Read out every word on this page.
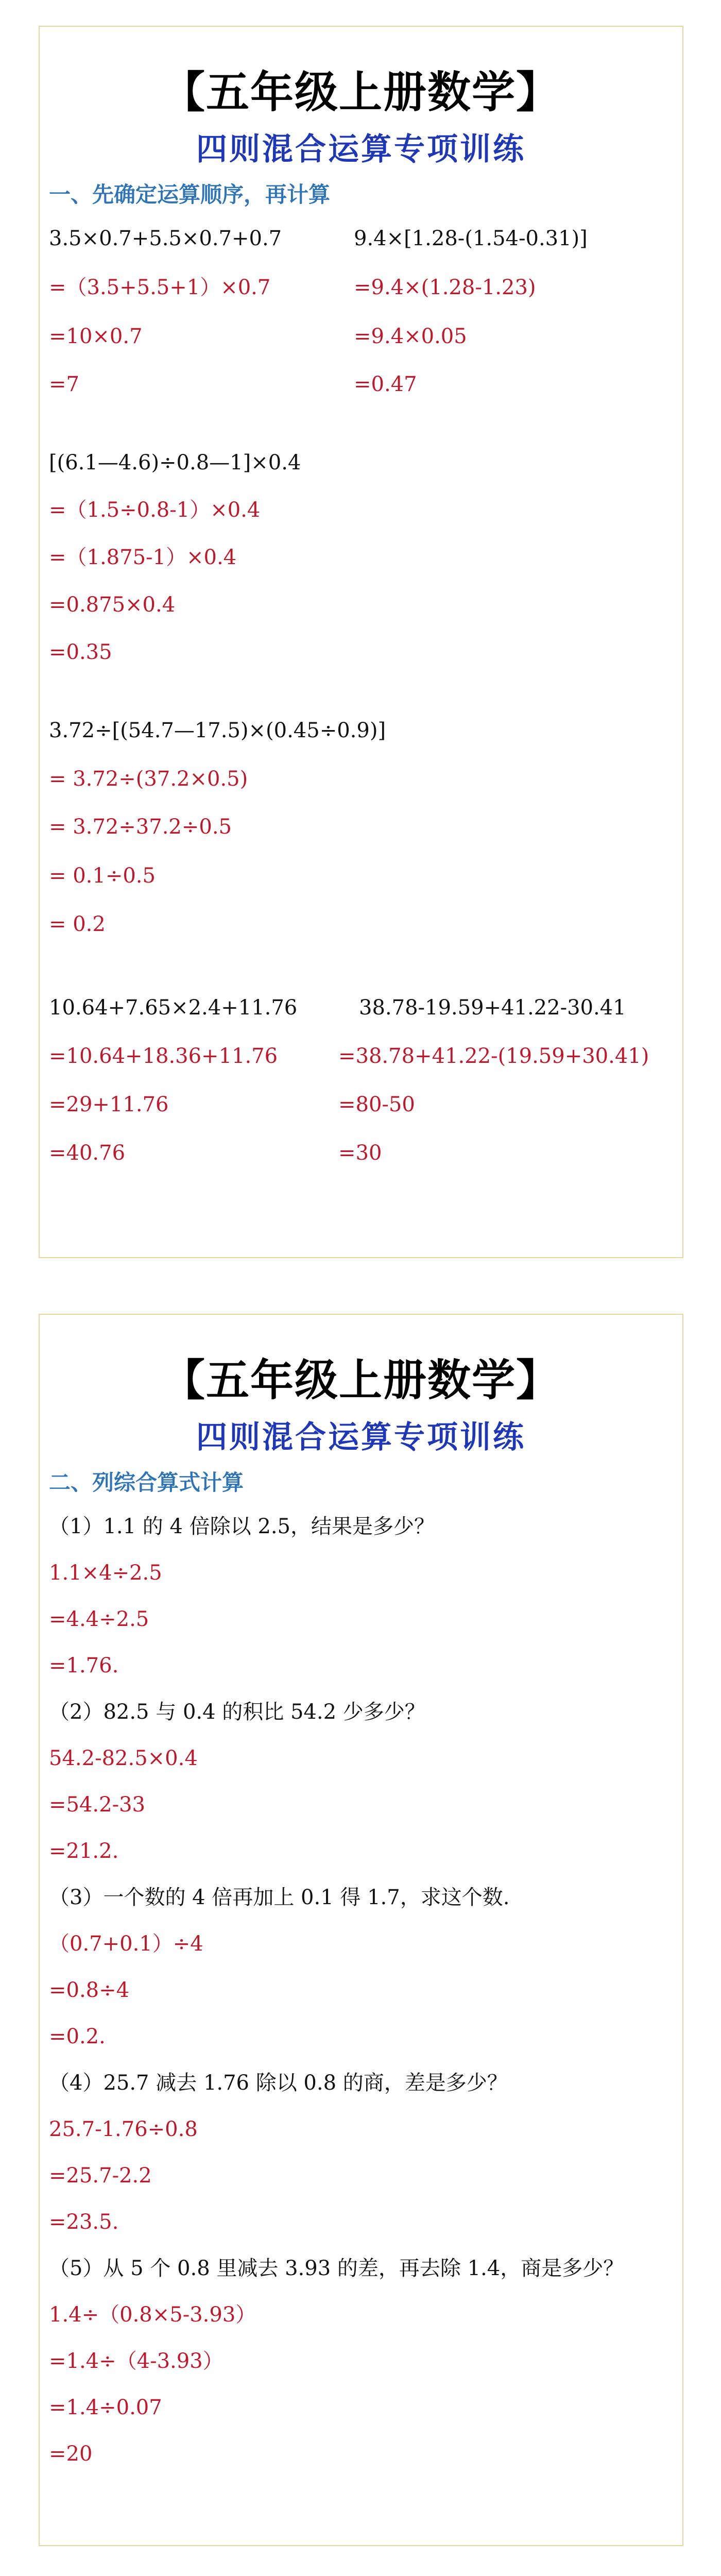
【五年级上册数学】
四则混合运算专项训练
一、先确定运算顺序，再计算
3.5×0.7+5.5×0.7+0.7
=（3.5+5.5+1）×0.7
=10×0.7
=7
9.4×[1.28-(1.54-0.31)]
=9.4×(1.28-1.23)
=9.4×0.05
=0.47
[(6.1—4.6)÷0.8—1]×0.4
=（1.5÷0.8-1）×0.4
=（1.875-1）×0.4
=0.875×0.4
=0.35
3.72÷[(54.7—17.5)×(0.45÷0.9)]
= 3.72÷(37.2×0.5)
= 3.72÷37.2÷0.5
= 0.1÷0.5
= 0.2
10.64+7.65×2.4+11.76
=10.64+18.36+11.76
=29+11.76
=40.76
38.78-19.59+41.22-30.41
=38.78+41.22-(19.59+30.41)
=80-50
=30
【五年级上册数学】
四则混合运算专项训练
二、列综合算式计算
（1）1.1 的 4 倍除以 2.5，结果是多少？
1.1×4÷2.5
=4.4÷2.5
=1.76.
（2）82.5 与 0.4 的积比 54.2 少多少？
54.2-82.5×0.4
=54.2-33
=21.2.
（3）一个数的 4 倍再加上 0.1 得 1.7，求这个数.
（0.7+0.1）÷4
=0.8÷4
=0.2.
（4）25.7 减去 1.76 除以 0.8 的商，差是多少？
25.7-1.76÷0.8
=25.7-2.2
=23.5.
（5）从 5 个 0.8 里减去 3.93 的差，再去除 1.4，商是多少？
1.4÷（0.8×5-3.93）
=1.4÷（4-3.93）
=1.4÷0.07
=20
